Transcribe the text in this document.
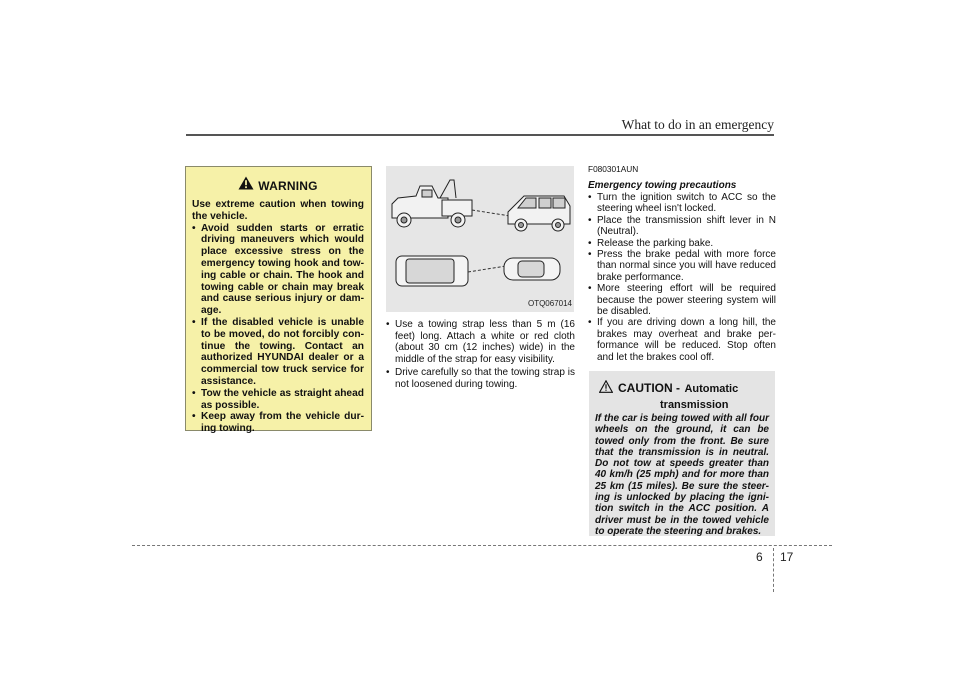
What to do in an emergency
WARNING

Use extreme caution when towing the vehicle.

• Avoid sudden starts or erratic driving maneuvers which would place excessive stress on the emergency towing hook and tow-ing cable or chain. The hook and towing cable or chain may break and cause serious injury or dam-age.
• If the disabled vehicle is unable to be moved, do not forcibly con-tinue the towing. Contact an authorized HYUNDAI dealer or a commercial tow truck service for assistance.
• Tow the vehicle as straight ahead as possible.
• Keep away from the vehicle dur-ing towing.
OTQ067014
• Use a towing strap less than 5 m (16 feet) long. Attach a white or red cloth (about 30 cm (12 inches) wide) in the middle of the strap for easy visibility.
• Drive carefully so that the towing strap is not loosened during towing.
F080301AUN
Emergency towing precautions
• Turn the ignition switch to ACC so the steering wheel isn't locked.
• Place the transmission shift lever in N (Neutral).
• Release the parking bake.
• Press the brake pedal with more force than normal since you will have reduced brake performance.
• More steering effort will be required because the power steering system will be disabled.
• If you are driving down a long hill, the brakes may overheat and brake per-formance will be reduced. Stop often and let the brakes cool off.
CAUTION - Automatic
transmission
If the car is being towed with all four wheels on the ground, it can be towed only from the front. Be sure that the transmission is in neutral. Do not tow at speeds greater than 40 km/h (25 mph) and for more than 25 km (15 miles). Be sure the steer-ing is unlocked by placing the igni-tion switch in the ACC position. A driver must be in the towed vehicle to operate the steering and brakes.
6 17
